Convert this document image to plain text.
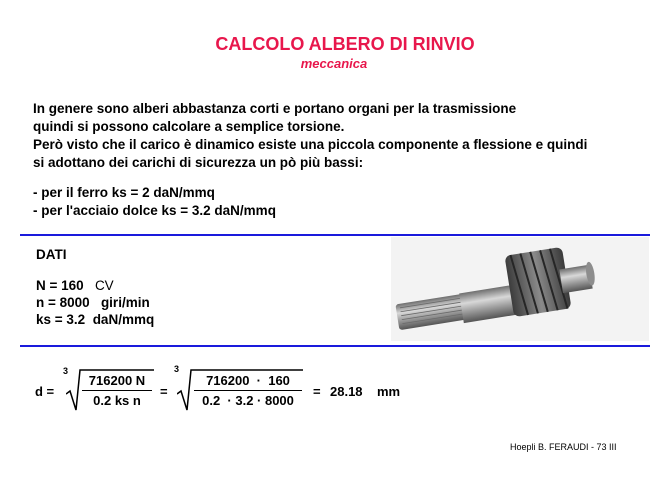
CALCOLO ALBERO DI RINVIO
meccanica
In genere sono alberi abbastanza corti e portano organi per la trasmissione
quindi si possono calcolare a semplice torsione.
Però visto che il carico è dinamico esiste una piccola componente a flessione e quindi
si adottano dei carichi di sicurezza un pò più bassi:
- per il ferro ks = 2 daN/mmq
- per l'acciaio dolce ks = 3.2 daN/mmq
DATI
N = 160 CV
n = 8000 giri/min
ks = 3.2 daN/mmq
d =
3
$\frac{716200 N}{\text{0.2 ks n}}$ =
3
$\frac{716200 \cdot 160}{0.2 \cdot 3.2 \cdot 8000} = 28.18$ mm
Hoepli B. FERAUDI - 73 III
